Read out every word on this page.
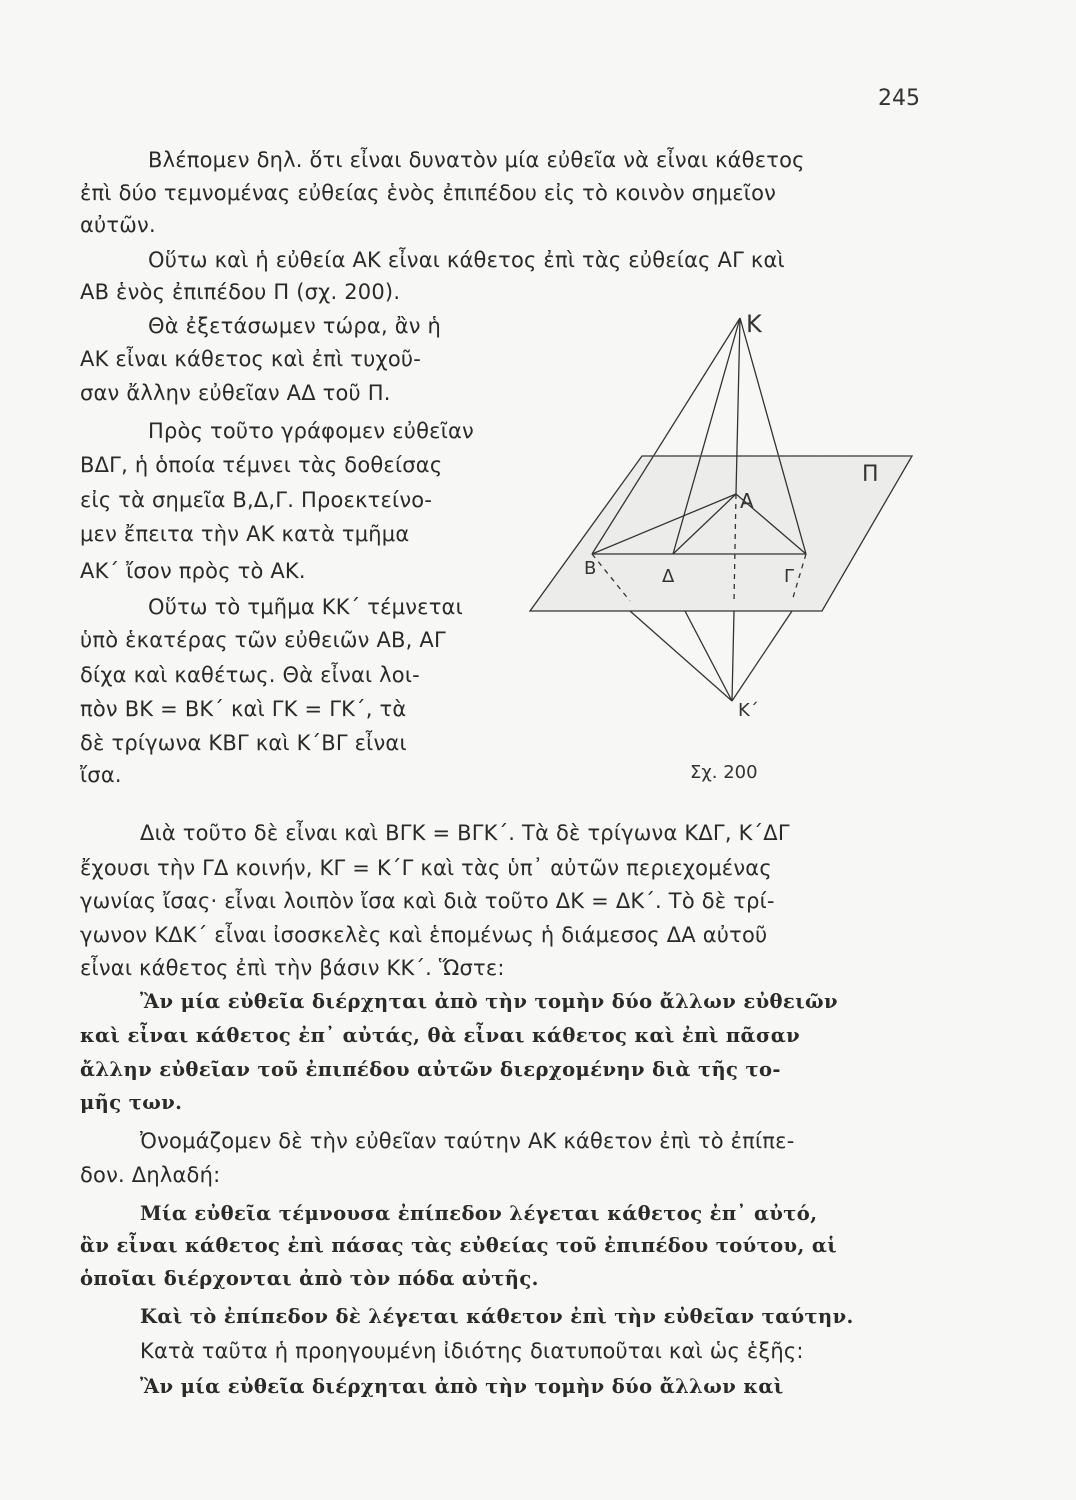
245
Βλέπομεν δηλ. ὅτι εἶναι δυνατὸν μία εὐθεῖα νὰ εἶναι κάθετος
ἐπὶ δύο τεμνομένας εὐθείας ἑνὸς ἐπιπέδου εἰς τὸ κοινὸν σημεῖον
αὐτῶν.
Οὕτω καὶ ἡ εὐθεία ΑΚ εἶναι κάθετος ἐπὶ τὰς εὐθείας ΑΓ καὶ
ΑΒ ἑνὸς ἐπιπέδου Π (σχ. 200).
Θὰ ἐξετάσωμεν τώρα, ἂν ἡ
ΑΚ εἶναι κάθετος καὶ ἐπὶ τυχοῦ-
σαν ἄλλην εὐθεῖαν ΑΔ τοῦ Π.
Πρὸς τοῦτο γράφομεν εὐθεῖαν
ΒΔΓ, ἡ ὁποία τέμνει τὰς δοθείσας
εἰς τὰ σημεῖα Β,Δ,Γ. Προεκτείνο-
μεν ἔπειτα τὴν ΑΚ κατὰ τμῆμα
ΑΚ΄ ἴσον πρὸς τὸ ΑΚ.
Οὕτω τὸ τμῆμα ΚΚ΄ τέμνεται
ὑπὸ ἑκατέρας τῶν εὐθειῶν ΑΒ, ΑΓ
δίχα καὶ καθέτως. Θὰ εἶναι λοι-
πὸν ΒΚ = ΒΚ΄ καὶ ΓΚ = ΓΚ΄, τὰ
δὲ τρίγωνα ΚΒΓ καὶ Κ΄ΒΓ εἶναι
ἴσα.
Διὰ τοῦτο δὲ εἶναι καὶ ΒΓΚ = ΒΓΚ΄. Τὰ δὲ τρίγωνα ΚΔΓ, Κ΄ΔΓ
ἔχουσι τὴν ΓΔ κοινήν, ΚΓ = Κ΄Γ καὶ τὰς ὑπ᾿ αὐτῶν περιεχομένας
γωνίας ἴσας· εἶναι λοιπὸν ἴσα καὶ διὰ τοῦτο ΔΚ = ΔΚ΄. Τὸ δὲ τρί-
γωνον ΚΔΚ΄ εἶναι ἰσοσκελὲς καὶ ἑπομένως ἡ διάμεσος ΔΑ αὐτοῦ
εἶναι κάθετος ἐπὶ τὴν βάσιν ΚΚ΄. Ὥστε:
Ἂν μία εὐθεῖα διέρχηται ἀπὸ τὴν τομὴν δύο ἄλλων εὐθειῶν
καὶ εἶναι κάθετος ἐπ᾿ αὐτάς, θὰ εἶναι κάθετος καὶ ἐπὶ πᾶσαν
ἄλλην εὐθεῖαν τοῦ ἐπιπέδου αὐτῶν διερχομένην διὰ τῆς το-
μῆς των.
Ὀνομάζομεν δὲ τὴν εὐθεῖαν ταύτην ΑΚ κάθετον ἐπὶ τὸ ἐπίπε-
δον. Δηλαδή:
Μία εὐθεῖα τέμνουσα ἐπίπεδον λέγεται κάθετος ἐπ᾿ αὐτό,
ἂν εἶναι κάθετος ἐπὶ πάσας τὰς εὐθείας τοῦ ἐπιπέδου τούτου, αἱ
ὁποῖαι διέρχονται ἀπὸ τὸν πόδα αὐτῆς.
Καὶ τὸ ἐπίπεδον δὲ λέγεται κάθετον ἐπὶ τὴν εὐθεῖαν ταύτην.
Κατὰ ταῦτα ἡ προηγουμένη ἰδιότης διατυποῦται καὶ ὡς ἑξῆς:
Ἂν μία εὐθεῖα διέρχηται ἀπὸ τὴν τομὴν δύο ἄλλων καὶ
Κ
Π
Α
Β	Δ	Γ
Κ΄
Σχ. 200
